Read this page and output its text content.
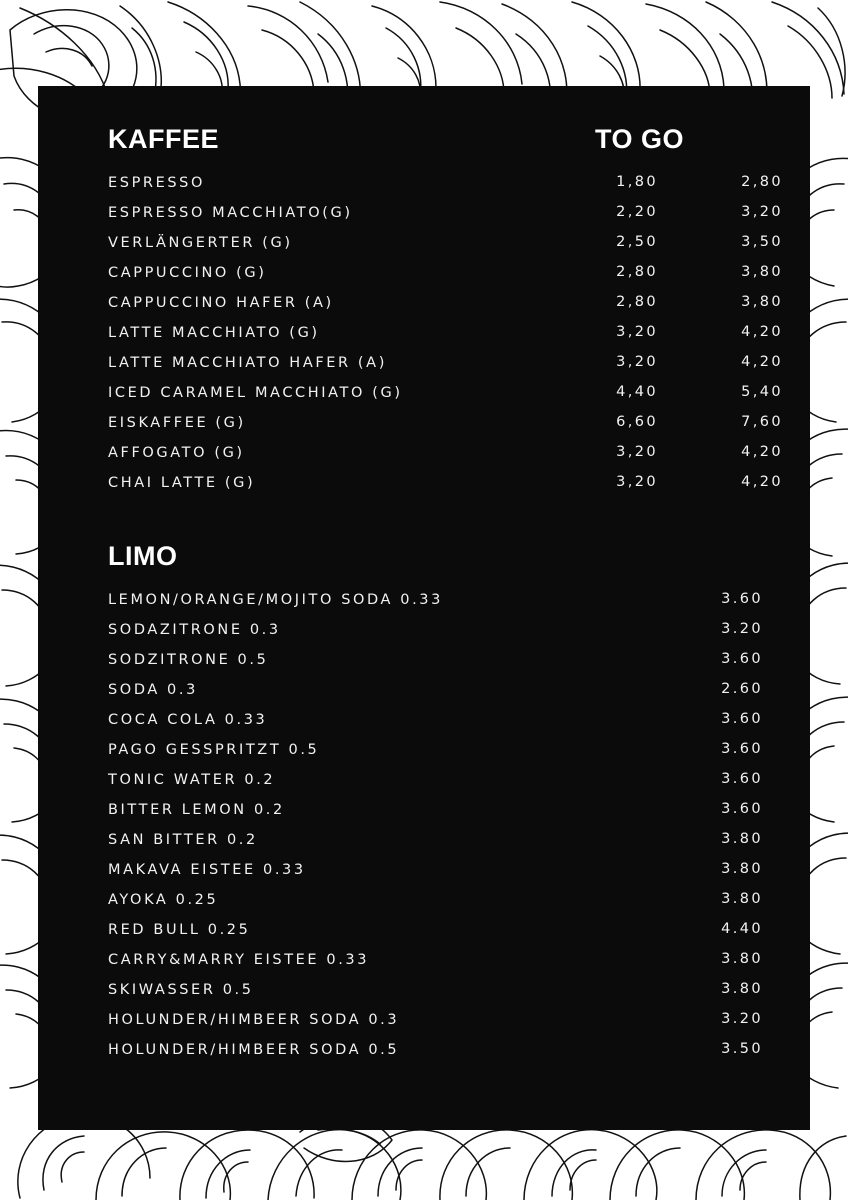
KAFFEE	TO GO
ESPRESSO	1,80	2,80
ESPRESSO MACCHIATO(G)	2,20	3,20
VERLÄNGERTER (G)	2,50	3,50
CAPPUCCINO (G)	2,80	3,80
CAPPUCCINO HAFER (A)	2,80	3,80
LATTE MACCHIATO (G)	3,20	4,20
LATTE MACCHIATO HAFER (A)	3,20	4,20
ICED CARAMEL MACCHIATO (G)	4,40	5,40
EISKAFFEE (G)	6,60	7,60
AFFOGATO (G)	3,20	4,20
CHAI LATTE (G)	3,20	4,20
LIMO
LEMON/ORANGE/MOJITO SODA 0.33	3.60
SODAZITRONE 0.3	3.20
SODZITRONE 0.5	3.60
SODA 0.3	2.60
COCA COLA 0.33	3.60
PAGO GESSPRITZT 0.5	3.60
TONIC WATER 0.2	3.60
BITTER LEMON 0.2	3.60
SAN BITTER 0.2	3.80
MAKAVA EISTEE 0.33	3.80
AYOKA 0.25	3.80
RED BULL 0.25	4.40
CARRY&MARRY EISTEE 0.33	3.80
SKIWASSER 0.5	3.80
HOLUNDER/HIMBEER SODA 0.3	3.20
HOLUNDER/HIMBEER SODA 0.5	3.50
